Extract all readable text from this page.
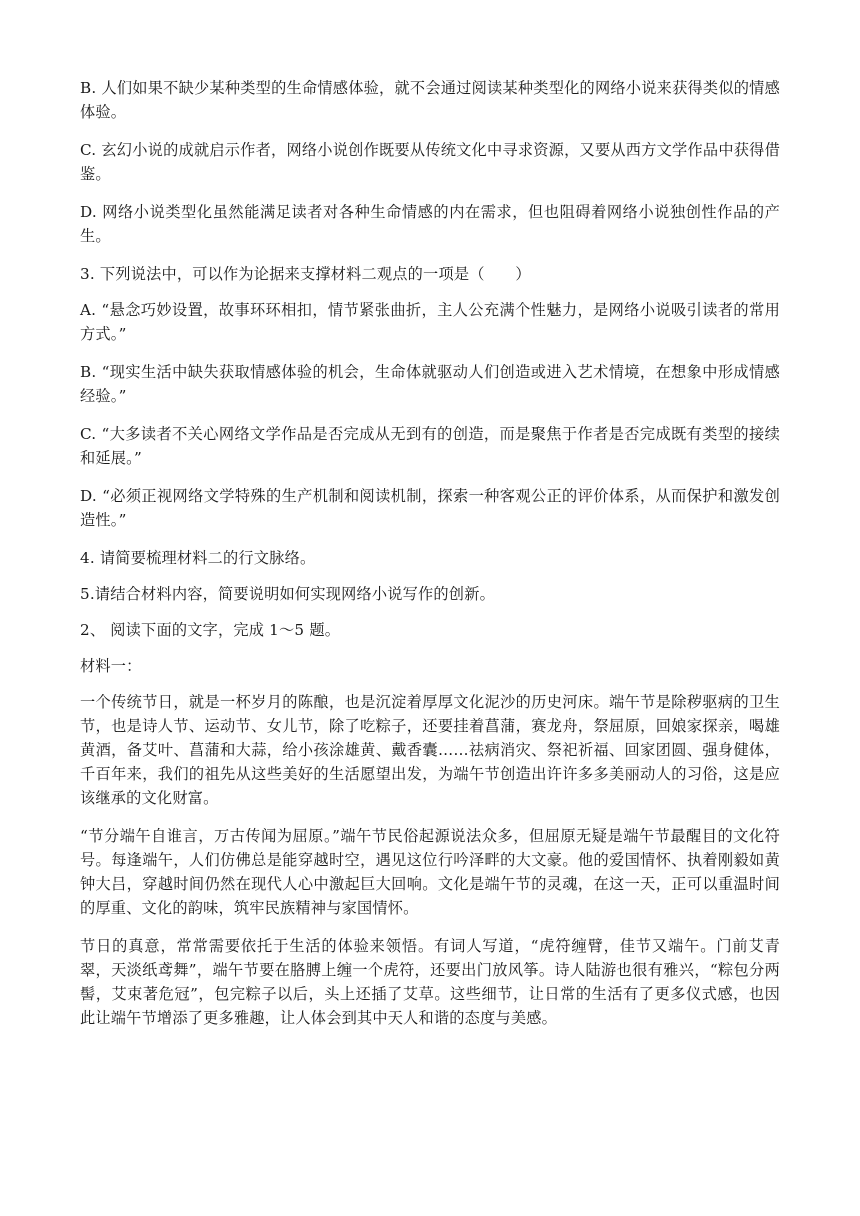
B. 人们如果不缺少某种类型的生命情感体验，就不会通过阅读某种类型化的网络小说来获得类似的情感体验。

C. 玄幻小说的成就启示作者，网络小说创作既要从传统文化中寻求资源，又要从西方文学作品中获得借鉴。

D. 网络小说类型化虽然能满足读者对各种生命情感的内在需求，但也阻碍着网络小说独创性作品的产生。

3. 下列说法中，可以作为论据来支撑材料二观点的一项是（　　）

A. “悬念巧妙设置，故事环环相扣，情节紧张曲折，主人公充满个性魅力，是网络小说吸引读者的常用方式。”

B. “现实生活中缺失获取情感体验的机会，生命体就驱动人们创造或进入艺术情境，在想象中形成情感经验。”

C. “大多读者不关心网络文学作品是否完成从无到有的创造，而是聚焦于作者是否完成既有类型的接续和延展。”

D. “必须正视网络文学特殊的生产机制和阅读机制，探索一种客观公正的评价体系，从而保护和激发创造性。”

4. 请简要梳理材料二的行文脉络。

5.请结合材料内容，简要说明如何实现网络小说写作的创新。

2、 阅读下面的文字，完成 1～5 题。

材料一：

一个传统节日，就是一杯岁月的陈酿，也是沉淀着厚厚文化泥沙的历史河床。端午节是除秽驱病的卫生节，也是诗人节、运动节、女儿节，除了吃粽子，还要挂着菖蒲，赛龙舟，祭屈原，回娘家探亲，喝雄黄酒，备艾叶、菖蒲和大蒜，给小孩涂雄黄、戴香囊……祛病消灾、祭祀祈福、回家团圆、强身健体，千百年来，我们的祖先从这些美好的生活愿望出发，为端午节创造出许许多多美丽动人的习俗，这是应该继承的文化财富。

“节分端午自谁言，万古传闻为屈原。”端午节民俗起源说法众多，但屈原无疑是端午节最醒目的文化符号。每逢端午，人们仿佛总是能穿越时空，遇见这位行吟泽畔的大文豪。他的爱国情怀、执着刚毅如黄钟大吕，穿越时间仍然在现代人心中激起巨大回响。文化是端午节的灵魂，在这一天，正可以重温时间的厚重、文化的韵味，筑牢民族精神与家国情怀。

节日的真意，常常需要依托于生活的体验来领悟。有词人写道，“虎符缠臂，佳节又端午。门前艾青翠，天淡纸鸢舞”，端午节要在胳膊上缠一个虎符，还要出门放风筝。诗人陆游也很有雅兴，“粽包分两髻，艾束著危冠”，包完粽子以后，头上还插了艾草。这些细节，让日常的生活有了更多仪式感，也因此让端午节增添了更多雅趣，让人体会到其中天人和谐的态度与美感。
